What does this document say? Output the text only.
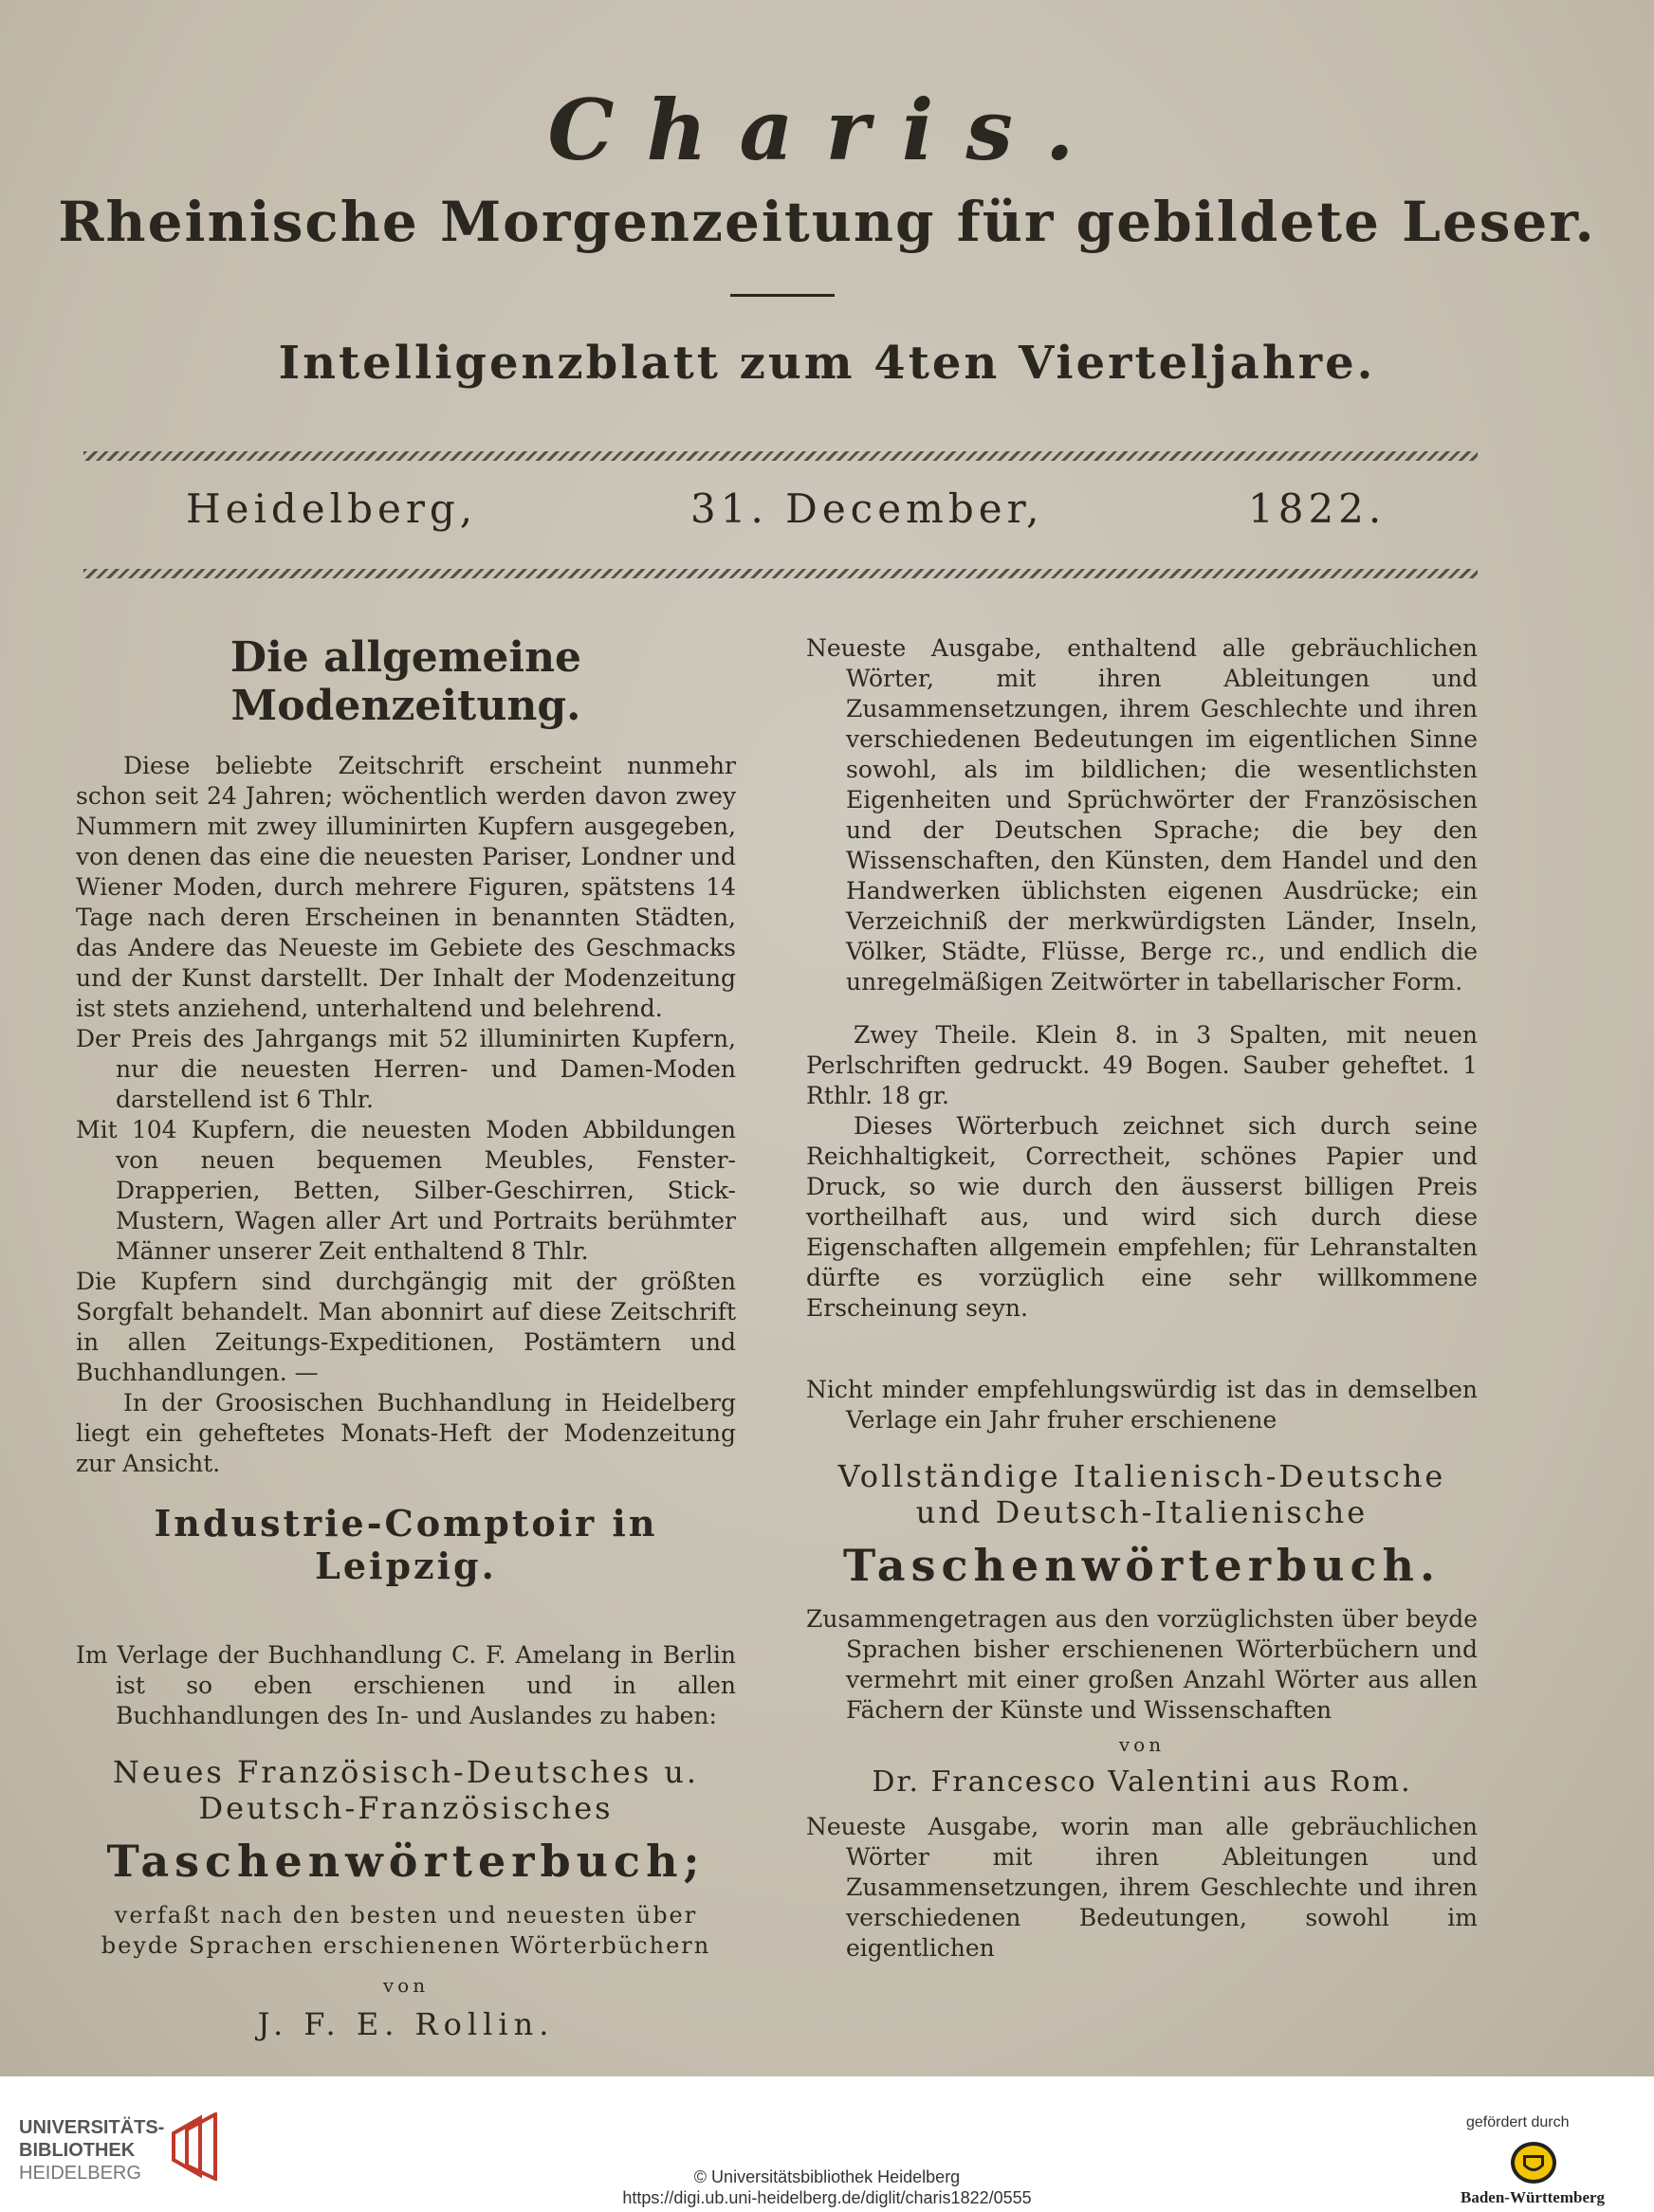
Charis.
Rheinische Morgenzeitung für gebildete Leser.
Intelligenzblatt zum 4ten Vierteljahre.
Heidelberg,	31. December,	1822.
Die allgemeine Modenzeitung.

Diese beliebte Zeitschrift erscheint nunmehr schon seit 24 Jahren; wöchentlich werden davon zwey Nummern mit zwey illuminirten Kupfern ausgegeben, von denen das eine die neuesten Pariser, Londner und Wiener Moden, durch mehrere Figuren, spätstens 14 Tage nach deren Erscheinen in benannten Städten, das Andere das Neueste im Gebiete des Geschmacks und der Kunst darstellt. Der Inhalt der Modenzeitung ist stets anziehend, unterhaltend und belehrend.

Der Preis des Jahrgangs mit 52 illuminirten Kupfern, nur die neuesten Herren- und Damen-Moden darstellend ist 6 Thlr.

Mit 104 Kupfern, die neuesten Moden Abbildungen von neuen bequemen Meubles, Fenster-Drapperien, Betten, Silber-Geschirren, Stick-Mustern, Wagen aller Art und Portraits berühmter Männer unserer Zeit enthaltend 8 Thlr.

Die Kupfern sind durchgängig mit der größten Sorgfalt behandelt. Man abonnirt auf diese Zeitschrift in allen Zeitungs-Expeditionen, Postämtern und Buchhandlungen. —

In der Groosischen Buchhandlung in Heidelberg liegt ein geheftetes Monats-Heft der Modenzeitung zur Ansicht.

Industrie-Comptoir in Leipzig.

Im Verlage der Buchhandlung C. F. Amelang in Berlin ist so eben erschienen und in allen Buchhandlungen des In- und Auslandes zu haben:

Neues Französisch-Deutsches u. Deutsch-Französisches
Taschenwörterbuch;
verfaßt nach den besten und neuesten über beyde Sprachen erschienenen Wörterbüchern
von
J. F. E. Rollin.

Neueste Ausgabe, enthaltend alle gebräuchlichen Wörter, mit ihren Ableitungen und Zusammensetzungen, ihrem Geschlechte und ihren verschiedenen Bedeutungen im eigentlichen Sinne sowohl, als im bildlichen; die wesentlichsten Eigenheiten und Sprüchwörter der Französischen und der Deutschen Sprache; die bey den Wissenschaften, den Künsten, dem Handel und den Handwerken üblichsten eigenen Ausdrücke; ein Verzeichniß der merkwürdigsten Länder, Inseln, Völker, Städte, Flüsse, Berge rc., und endlich die unregelmäßigen Zeitwörter in tabellarischer Form.

Zwey Theile. Klein 8. in 3 Spalten, mit neuen Perlschriften gedruckt. 49 Bogen. Sauber geheftet. 1 Rthlr. 18 gr.

Dieses Wörterbuch zeichnet sich durch seine Reichhaltigkeit, Correctheit, schönes Papier und Druck, so wie durch den äusserst billigen Preis vortheilhaft aus, und wird sich durch diese Eigenschaften allgemein empfehlen; für Lehranstalten dürfte es vorzüglich eine sehr willkommene Erscheinung seyn.

Nicht minder empfehlungswürdig ist das in demselben Verlage ein Jahr fruher erschienene

Vollständige Italienisch-Deutsche und Deutsch-Italienische
Taschenwörterbuch.

Zusammengetragen aus den vorzüglichsten über beyde Sprachen bisher erschienenen Wörterbüchern und vermehrt mit einer großen Anzahl Wörter aus allen Fächern der Künste und Wissenschaften

von
Dr. Francesco Valentini aus Rom.

Neueste Ausgabe, worin man alle gebräuchlichen Wörter mit ihren Ableitungen und Zusammensetzungen, ihrem Geschlechte und ihren verschiedenen Bedeutungen, sowohl im eigentlichen

UNIVERSITÄTS-
BIBLIOTHEK
HEIDELBERG	© Universitätsbibliothek Heidelberg
https://digi.ub.uni-heidelberg.de/diglit/charis1822/0555
gefördert durch
Baden-Württemberg
